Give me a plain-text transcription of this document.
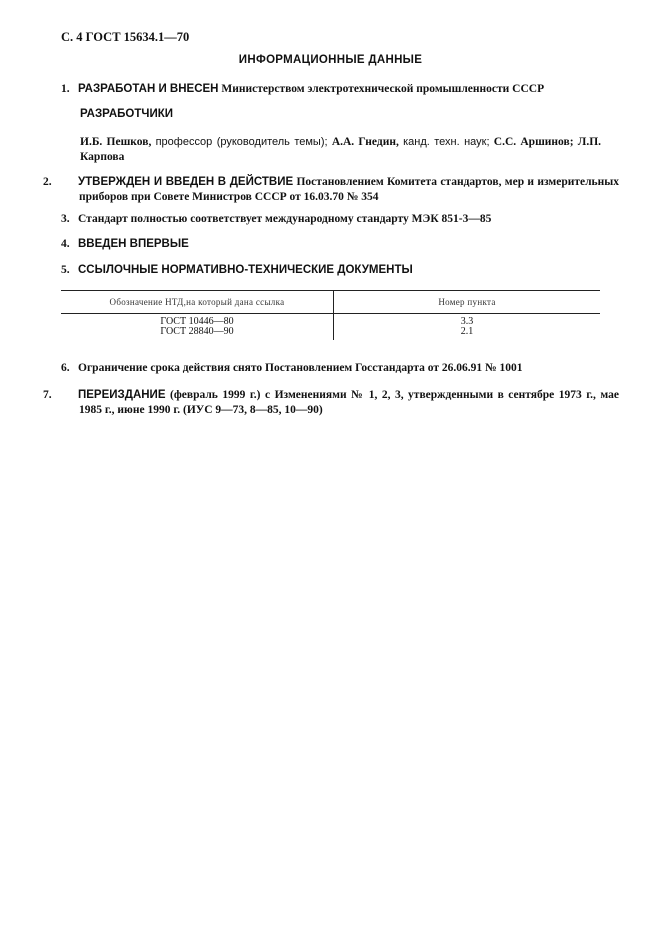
С. 4 ГОСТ 15634.1—70
ИНФОРМАЦИОННЫЕ ДАННЫЕ
1. РАЗРАБОТАН И ВНЕСЕН Министерством электротехнической промышленности СССР
РАЗРАБОТЧИКИ
И.Б. Пешков, профессор (руководитель темы); А.А. Гнедин, канд. техн. наук; С.С. Аршинов; Л.П. Карпова
2. УТВЕРЖДЕН И ВВЕДЕН В ДЕЙСТВИЕ Постановлением Комитета стандартов, мер и измерительных приборов при Совете Министров СССР от 16.03.70 № 354
3. Стандарт полностью соответствует международному стандарту МЭК 851-3—85
4. ВВЕДЕН ВПЕРВЫЕ
5. ССЫЛОЧНЫЕ НОРМАТИВНО-ТЕХНИЧЕСКИЕ ДОКУМЕНТЫ
Обозначение НТД,на который дана ссылка	Номер пункта
ГОСТ 10446—80	3.3
ГОСТ 28840—90	2.1
6. Ограничение срока действия снято Постановлением Госстандарта от 26.06.91 № 1001
7. ПЕРЕИЗДАНИЕ (февраль 1999 г.) с Изменениями № 1, 2, 3, утвержденными в сентябре 1973 г., мае 1985 г., июне 1990 г. (ИУС 9—73, 8—85, 10—90)
